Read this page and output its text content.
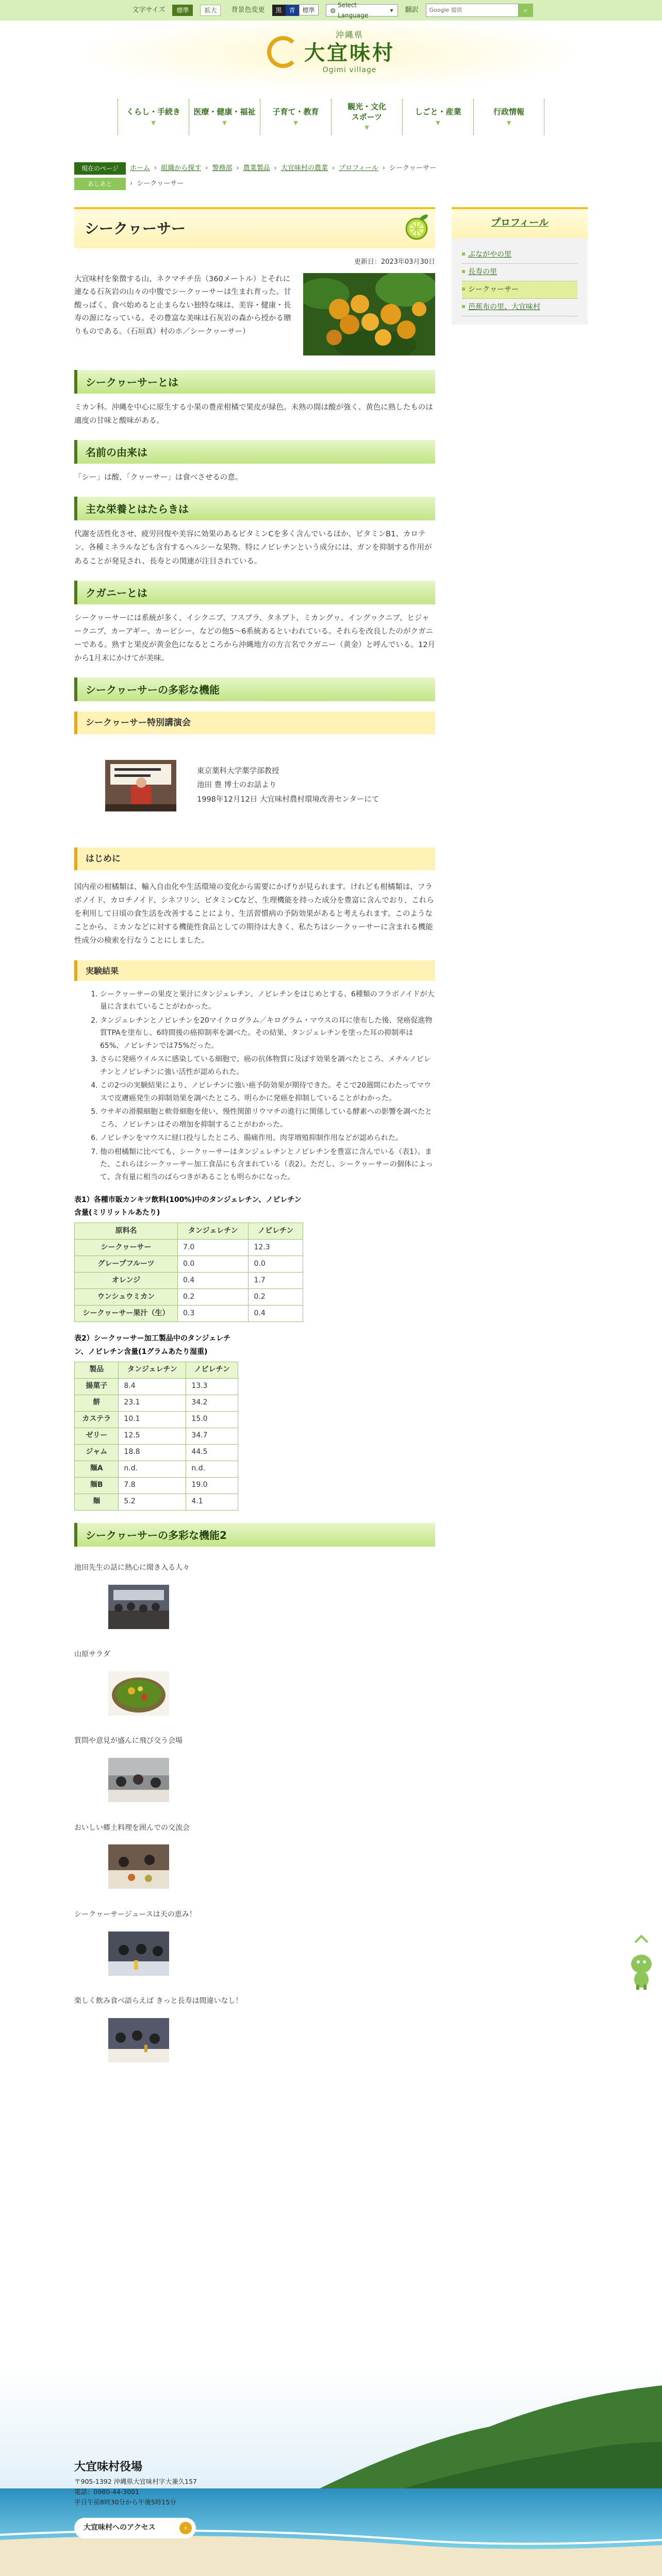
文字サイズ	標準	拡大	背景色変更	黒 青 標準	◍
Select Language
▾ 翻訳	Google 提供	⌕
沖縄県
大宜味村
Ogimi village
くらし・手続き
▼
医療・健康・福祉
▼
子育て・教育
▼
観光・文化
スポーツ
▼
しごと・産業
▼
行政情報
▼
現在のページ	ホーム › 組織から探す › 警務部 › 農業製品 › 大宜味村の農業 › プロフィール › シークヮーサー
あしあと	› シークヮーサー
シークヮーサー
更新日：2023年03月30日

大宜味村を象徴する山、ネクマチチ岳（360メートル）とそれに連なる石灰岩の山々の中腹でシークヮーサーは生まれ育った。甘酸っぱく、食べ始めると止まらない独特な味は、美容・健康・長寿の源になっている。その豊富な美味は石灰岩の森から授かる贈りものである。（石垣真）村のホ／シークヮーサー）

シークヮーサーとは

ミカン科。沖縄を中心に原生する小果の豊産柑橘で果皮が緑色。未熟の間は酸が強く、黄色に熟したものは適度の甘味と酸味がある。

名前の由来は

「シー」は酸、「クヮーサー」は食べさせるの意。

主な栄養とはたらきは

代謝を活性化させ、疲労回復や美容に効果のあるビタミンCを多く含んでいるほか、ビタミンB1、カロテン、各種ミネラルなども含有するヘルシーな果物。特にノビレチンという成分には、ガンを抑制する作用があることが発見され、長寿との関連が注目されている。

クガニーとは

シークヮーサーには系統が多く、イシクニブ、フスブラ、タネブト、ミカングヮ、イングヮクニブ、ヒジャークニブ、カーアギー、カービシー、などの他5〜6系統あるといわれている。それらを改良したのがクガニーである。熟すと果皮が黄金色になるところから沖縄地方の方言名でクガニー（黄金）と呼んでいる。12月から1月末にかけてが美味。

シークヮーサーの多彩な機能
シークヮーサー特別講演会
東京薬科大学薬学部教授
池田 豊 博士のお話より
1998年12月12日 大宜味村農村環境改善センターにて
はじめに

国内産の柑橘類は、輸入自由化や生活環境の変化から需要にかげりが見られます。けれども柑橘類は、フラボノイド、カロチノイド、シネフリン、ビタミンCなど、生理機能を持った成分を豊富に含んでおり、これらを利用して日頃の食生活を改善することにより、生活習慣病の予防効果があると考えられます。このようなことから、ミカンなどに対する機能性食品としての期待は大きく、私たちはシークヮーサーに含まれる機能性成分の検索を行なうことにしました。

実験結果
1. シークヮーサーの果皮と果汁にタンジェレチン、ノビレチンをはじめとする、6種類のフラボノイドが大量に含まれていることがわかった。
2. タンジェレチンとノビレチンを20マイクログラム／キログラム・マウスの耳に塗布した後、発癌促進物質TPAを塗布し、6時間後の癌抑制率を調べた。その結果、タンジェレチンを塗った耳の抑制率は65%、ノビレチンでは75%だった。
3. さらに発癌ウイルスに感染している細胞で、癌の抗体物質に及ぼす効果を調べたところ、メチルノビレチンとノビレチンに強い活性が認められた。
4. この2つの実験結果により、ノビレチンに強い癌予防効果が期待できた。そこで20週間にわたってマウスで皮膚癌発生の抑制効果を調べたところ、明らかに発癌を抑制していることがわかった。
5. ウサギの滑膜細胞と軟骨細胞を使い、慢性関節リウマチの進行に関係している酵素への影響を調べたところ、ノビレチンはその増加を抑制することがわかった。
6. ノビレチンをマウスに経口投与したところ、腸痛作用、肉芽増殖抑制作用などが認められた。
7. 他の柑橘類に比べても、シークヮーサーはタンジェレチンとノビレチンを豊富に含んでいる（表1）。また、これらはシークヮーサー加工食品にも含まれている（表2）。ただし、シークヮーサーの個体によって、含有量に相当のばらつきがあることも明らかになった。
表1）各種市販カンキツ飲料(100%)中のタンジェレチン、ノビレチン含量(ミリリットルあたり)
原料名	タンジェレチン	ノビレチン
シークヮーサー	7.0	12.3
グレープフルーツ	0.0	0.0
オレンジ	0.4	1.7
ウンシュウミカン	0.2	0.2
シークヮーサー果汁（生）	0.3	0.4
表2）シークヮーサー加工製品中のタンジェレチン、ノビレチン含量(1グラムあたり湿重)
製品	タンジェレチン	ノビレチン
揚菓子	8.4	13.3
餅	23.1	34.2
カステラ	10.1	15.0
ゼリー	12.5	34.7
ジャム	18.8	44.5
麺A	n.d.	n.d.
麺B	7.8	19.0
麺	5.2	4.1
シークヮーサーの多彩な機能2
池田先生の話に熱心に聞き入る人々
山原サラダ
質問や意見が盛んに飛び交う会場
おいしい郷土料理を囲んでの交流会
シークヮーサージュースは天の恵み！
楽しく飲み食べ語らえば きっと長寿は間違いなし！
プロフィール
ぶながやの里
長寿の里
シークヮーサー
芭蕉布の里、大宜味村
大宜味村役場
〒905-1392 沖縄県大宜味村字大兼久157
電話：0980-44-3001
平日午前8時30分から午後5時15分
大宜味村へのアクセス	›
